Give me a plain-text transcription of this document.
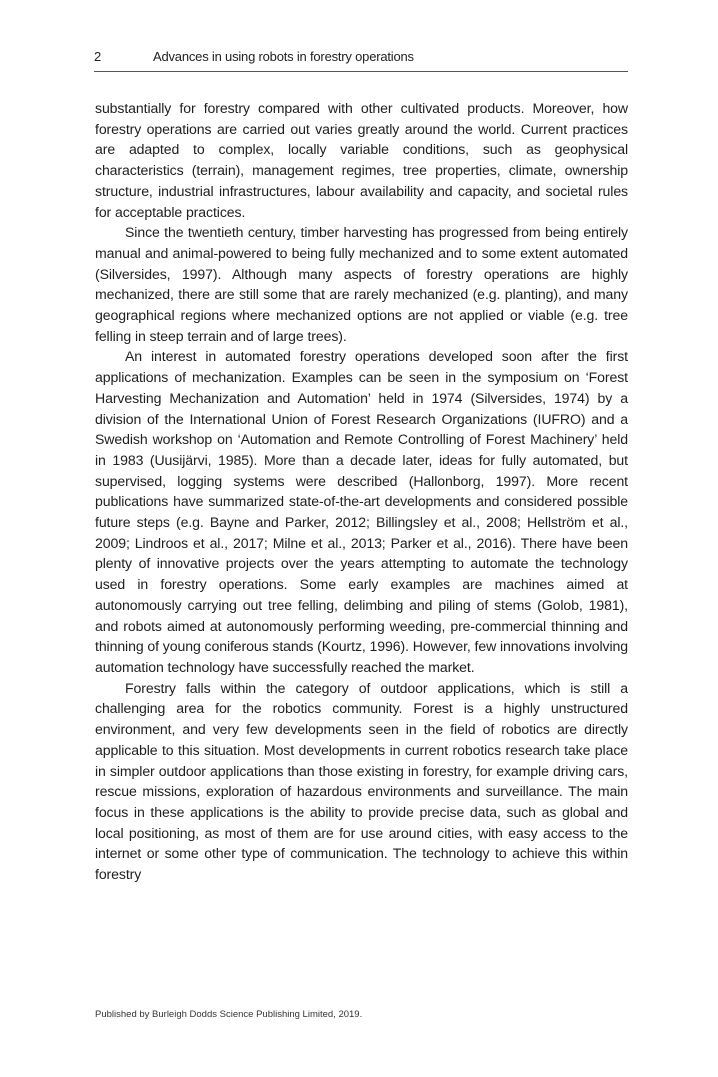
2	Advances in using robots in forestry operations

substantially for forestry compared with other cultivated products. Moreover, how forestry operations are carried out varies greatly around the world. Current practices are adapted to complex, locally variable conditions, such as geophysical characteristics (terrain), management regimes, tree properties, climate, ownership structure, industrial infrastructures, labour availability and capacity, and societal rules for acceptable practices.

Since the twentieth century, timber harvesting has progressed from being entirely manual and animal-powered to being fully mechanized and to some extent automated (Silversides, 1997). Although many aspects of forestry operations are highly mechanized, there are still some that are rarely mechanized (e.g. planting), and many geographical regions where mechanized options are not applied or viable (e.g. tree felling in steep terrain and of large trees).

An interest in automated forestry operations developed soon after the first applications of mechanization. Examples can be seen in the symposium on ‘Forest Harvesting Mechanization and Automation’ held in 1974 (Silversides, 1974) by a division of the International Union of Forest Research Organizations (IUFRO) and a Swedish workshop on ‘Automation and Remote Controlling of Forest Machinery’ held in 1983 (Uusijärvi, 1985). More than a decade later, ideas for fully automated, but supervised, logging systems were described (Hallonborg, 1997). More recent publications have summarized state-of-the-art developments and considered possible future steps (e.g. Bayne and Parker, 2012; Billingsley et al., 2008; Hellström et al., 2009; Lindroos et al., 2017; Milne et al., 2013; Parker et al., 2016). There have been plenty of innovative projects over the years attempting to automate the technology used in forestry operations. Some early examples are machines aimed at autonomously carrying out tree felling, delimbing and piling of stems (Golob, 1981), and robots aimed at autonomously performing weeding, pre-commercial thinning and thinning of young coniferous stands (Kourtz, 1996). However, few innovations involving automation technology have successfully reached the market.

Forestry falls within the category of outdoor applications, which is still a challenging area for the robotics community. Forest is a highly unstructured environment, and very few developments seen in the field of robotics are directly applicable to this situation. Most developments in current robotics research take place in simpler outdoor applications than those existing in forestry, for example driving cars, rescue missions, exploration of hazardous environments and surveillance. The main focus in these applications is the ability to provide precise data, such as global and local positioning, as most of them are for use around cities, with easy access to the internet or some other type of communication. The technology to achieve this within forestry

Published by Burleigh Dodds Science Publishing Limited, 2019.
